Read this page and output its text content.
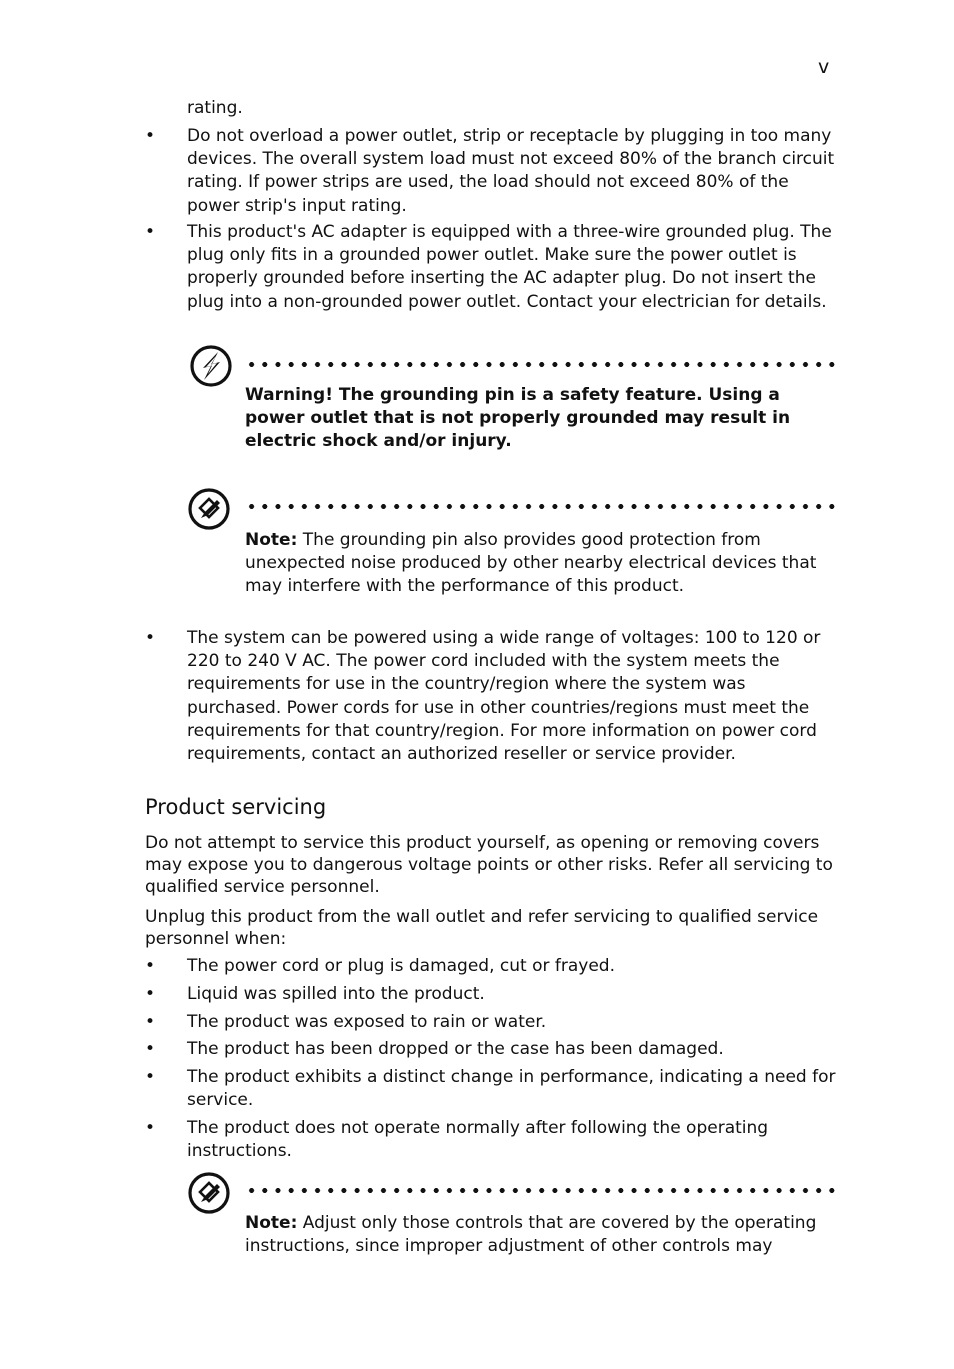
v

rating.

• Do not overload a power outlet, strip or receptacle by plugging in too many devices. The overall system load must not exceed 80% of the branch circuit rating. If power strips are used, the load should not exceed 80% of the power strip's input rating.

• This product's AC adapter is equipped with a three-wire grounded plug. The plug only fits in a grounded power outlet. Make sure the power outlet is properly grounded before inserting the AC adapter plug. Do not insert the plug into a non-grounded power outlet. Contact your electrician for details.

Warning! The grounding pin is a safety feature. Using a power outlet that is not properly grounded may result in electric shock and/or injury.

Note: The grounding pin also provides good protection from unexpected noise produced by other nearby electrical devices that may interfere with the performance of this product.

• The system can be powered using a wide range of voltages: 100 to 120 or 220 to 240 V AC. The power cord included with the system meets the requirements for use in the country/region where the system was purchased. Power cords for use in other countries/regions must meet the requirements for that country/region. For more information on power cord requirements, contact an authorized reseller or service provider.

Product servicing

Do not attempt to service this product yourself, as opening or removing covers may expose you to dangerous voltage points or other risks. Refer all servicing to qualified service personnel.

Unplug this product from the wall outlet and refer servicing to qualified service personnel when:

• The power cord or plug is damaged, cut or frayed.

• Liquid was spilled into the product.

• The product was exposed to rain or water.

• The product has been dropped or the case has been damaged.

• The product exhibits a distinct change in performance, indicating a need for service.

• The product does not operate normally after following the operating instructions.

Note: Adjust only those controls that are covered by the operating instructions, since improper adjustment of other controls may
